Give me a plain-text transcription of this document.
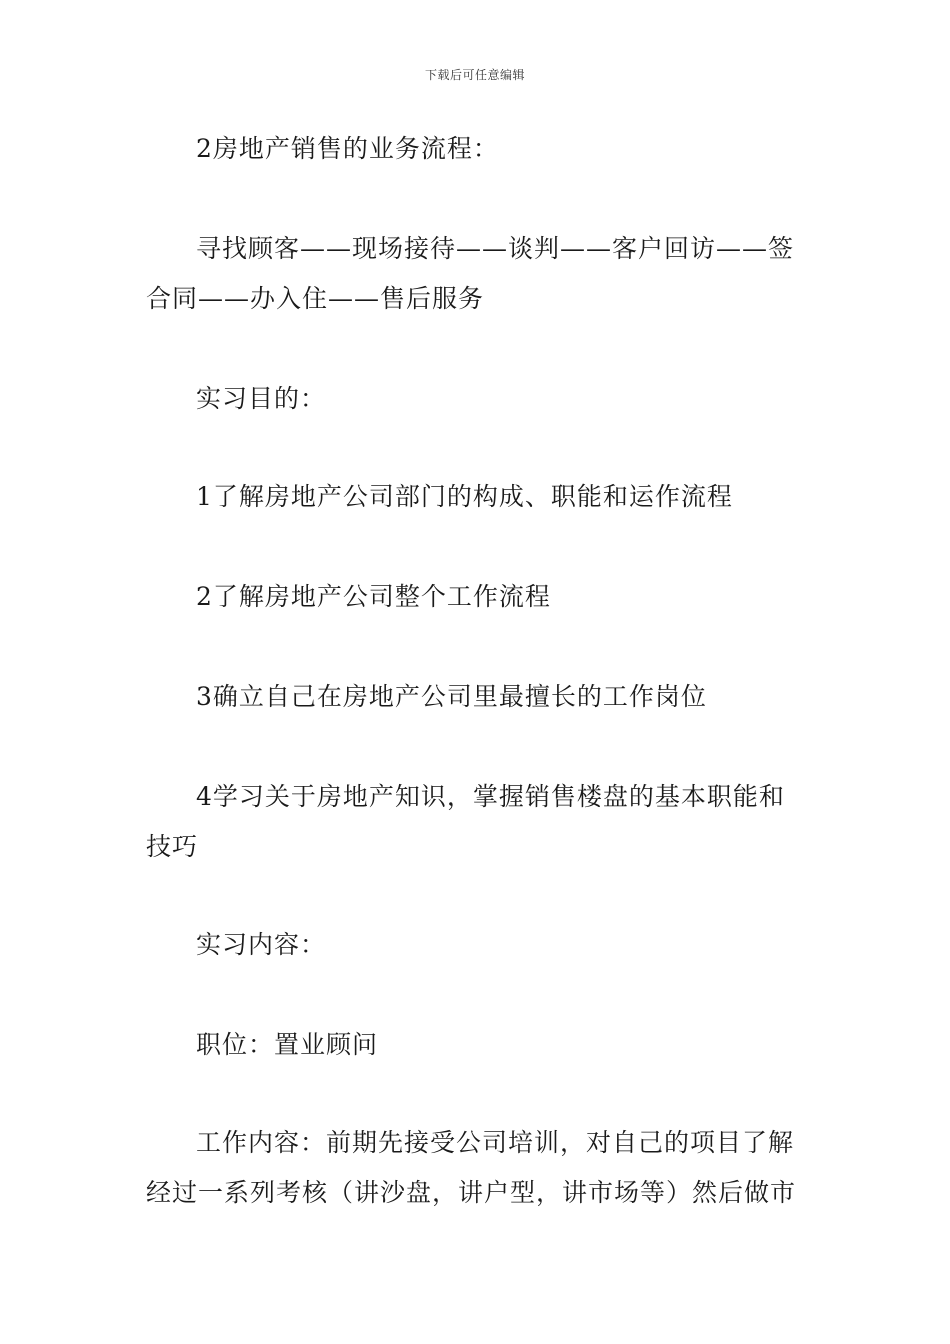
下载后可任意编辑

2房地产销售的业务流程：

寻找顾客——现场接待——谈判——客户回访——签合同——办入住——售后服务

实习目的：

1了解房地产公司部门的构成、职能和运作流程

2了解房地产公司整个工作流程

3确立自己在房地产公司里最擅长的工作岗位

4学习关于房地产知识，掌握销售楼盘的基本职能和技巧

实习内容：

职位：置业顾问

工作内容：前期先接受公司培训，对自己的项目了解经过一系列考核（讲沙盘，讲户型，讲市场等）然后做市
